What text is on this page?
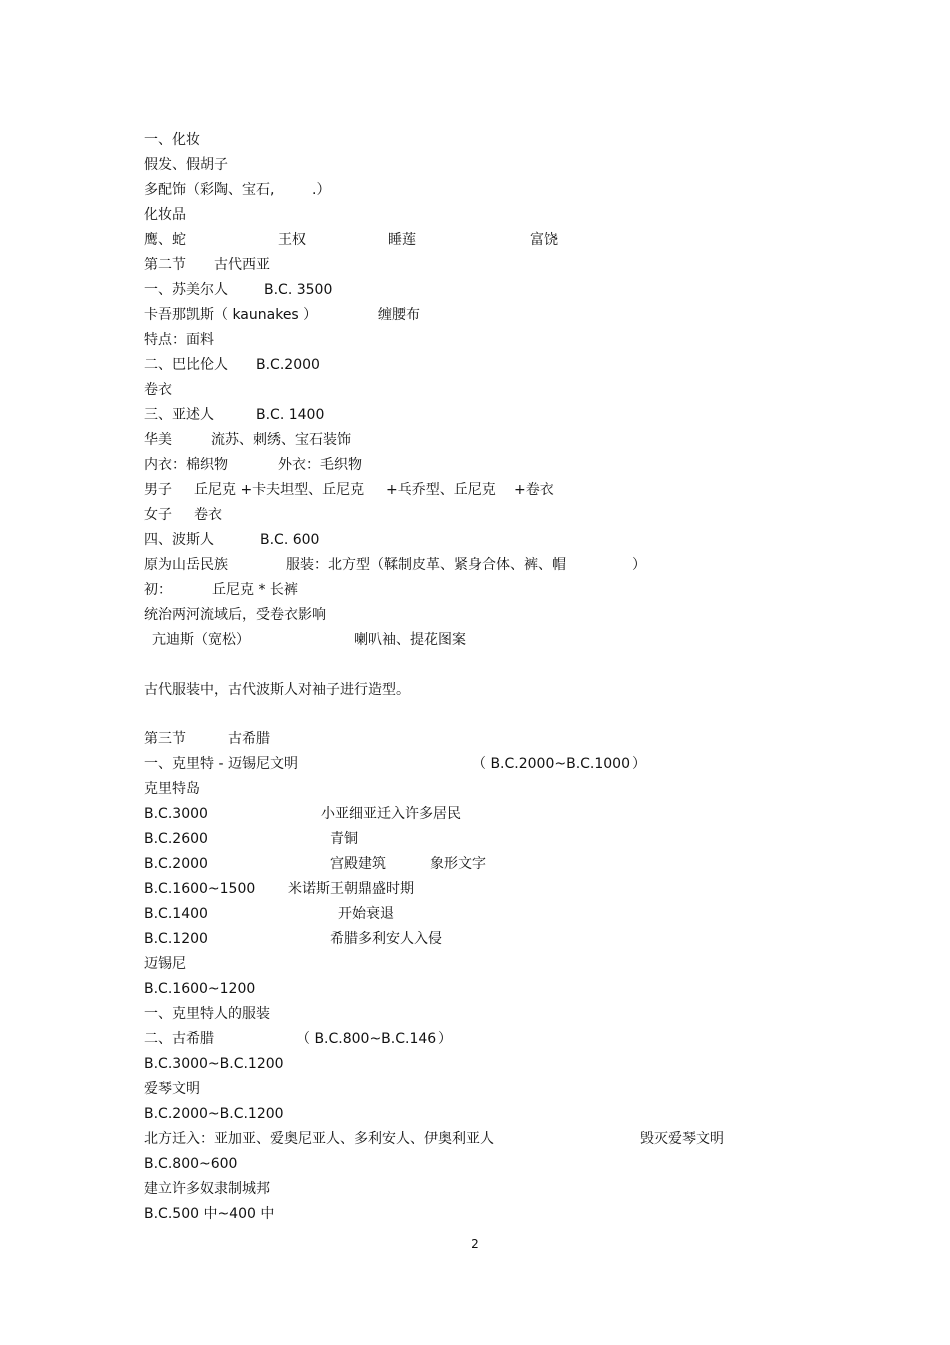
一、化妆
假发、假胡子
多配饰（彩陶、宝石,	.）
化妆品
鹰、蛇	王权	睡莲	富饶
第二节 古代西亚
一、苏美尔人	B.C. 3500
卡吾那凯斯（ kaunakes ）	缠腰布
特点：面料
二、巴比伦人 B.C.2000
卷衣
三、亚述人	B.C. 1400
华美	流苏、刺绣、宝石装饰
内衣：棉织物	外衣：毛织物
男子 丘尼克 +卡夫坦型、丘尼克 +乓乔型、丘尼克 +卷衣
女子 卷衣
四、波斯人	B.C. 600
原为山岳民族	服装：北方型（鞣制皮革、紧身合体、裤、帽	）
初：	丘尼克 * 长裤
统治两河流域后，受卷衣影响
亢迪斯（宽松）	喇叭袖、提花图案
古代服装中，古代波斯人对袖子进行造型。
第三节	古希腊
一、克里特 - 迈锡尼文明	（ B.C.2000~B.C.1000 ）
克里特岛
B.C.3000	小亚细亚迁入许多居民
B.C.2600	青铜
B.C.2000	宫殿建筑	象形文字
B.C.1600~1500 米诺斯王朝鼎盛时期
B.C.1400	开始衰退
B.C.1200	希腊多利安人入侵
迈锡尼
B.C.1600~1200
一、克里特人的服装
二、古希腊	（ B.C.800~B.C.146 ）
B.C.3000~B.C.1200
爱琴文明
B.C.2000~B.C.1200
北方迁入：亚加亚、爱奥尼亚人、多利安人、伊奥利亚人	毁灭爱琴文明
B.C.800~600
建立许多奴隶制城邦
B.C.500 中~400 中
2
